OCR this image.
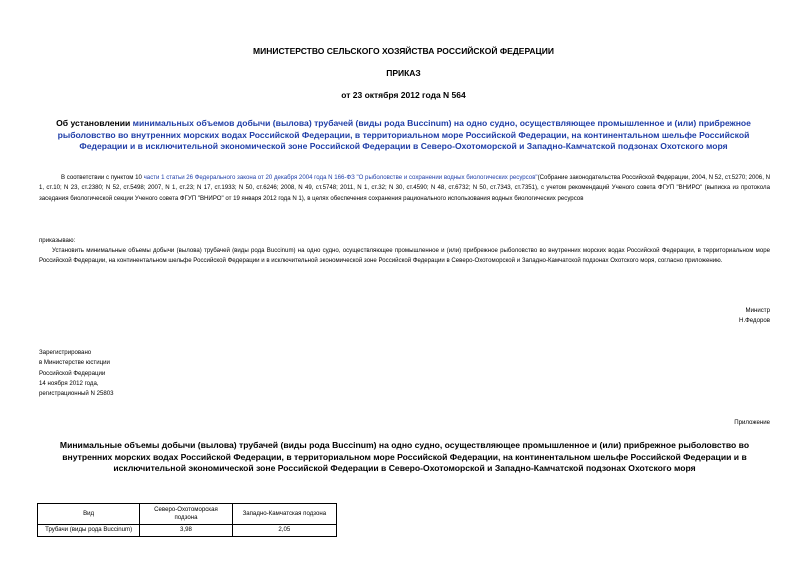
МИНИСТЕРСТВО СЕЛЬСКОГО ХОЗЯЙСТВА РОССИЙСКОЙ ФЕДЕРАЦИИ
ПРИКАЗ
от 23 октября 2012 года N 564
Об установлении минимальных объемов добычи (вылова) трубачей (виды рода Buccinum) на одно судно, осуществляющее промышленное и (или) прибрежное
рыболовство во внутренних морских водах Российской Федерации, в территориальном море Российской Федерации, на континентальном шельфе Российской
Федерации и в исключительной экономической зоне Российской Федерации в Северо-Охотоморской и Западно-Камчатской подзонах Охотского моря
В соответствии с пунктом 10 части 1 статьи 26 Федерального закона от 20 декабря 2004 года N 166-ФЗ "О рыболовстве и сохранении водных биологических ресурсов"(Собрание законодательства Российской Федерации, 2004, N 52, ст.5270; 2006, N 1, ст.10; N 23, ст.2380; N 52, ст.5498; 2007, N 1, ст.23; N 17, ст.1933; N 50, ст.6246; 2008, N 49, ст.5748; 2011, N 1, ст.32; N 30, ст.4590; N 48, ст.6732; N 50, ст.7343, ст.7351), с учетом рекомендаций Ученого совета ФГУП "ВНИРО" (выписка из протокола заседания биологической секции Ученого совета ФГУП "ВНИРО" от 19 января 2012 года N 1), в целях обеспечения сохранения рационального использования водных биологических ресурсов
приказываю:
Установить минимальные объемы добычи (вылова) трубачей (виды рода Buccinum) на одно судно, осуществляющее промышленное и (или) прибрежное рыболовство во внутренних морских водах Российской Федерации, в территориальном море Российской Федерации, на континентальном шельфе Российской Федерации и в исключительной экономической зоне Российской Федерации в Северо-Охотоморской и Западно-Камчатской подзонах Охотского моря, согласно приложению.
Министр
Н.Федоров
Зарегистрировано
в Министерстве юстиции
Российской Федерации
14 ноября 2012 года,
регистрационный N 25803
Приложение
Минимальные объемы добычи (вылова) трубачей (виды рода Buccinum) на одно судно, осуществляющее промышленное и (или) прибрежное рыболовство во внутренних морских водах Российской Федерации, в территориальном море Российской Федерации, на континентальном шельфе Российской Федерации и в исключительной экономической зоне Российской Федерации в Северо-Охотоморской и Западно-Камчатской подзонах Охотского моря
Вид	Северо-Охотоморская подзона	Западно-Камчатская подзона
Трубачи (виды рода Buccinum)	3,98	2,05
